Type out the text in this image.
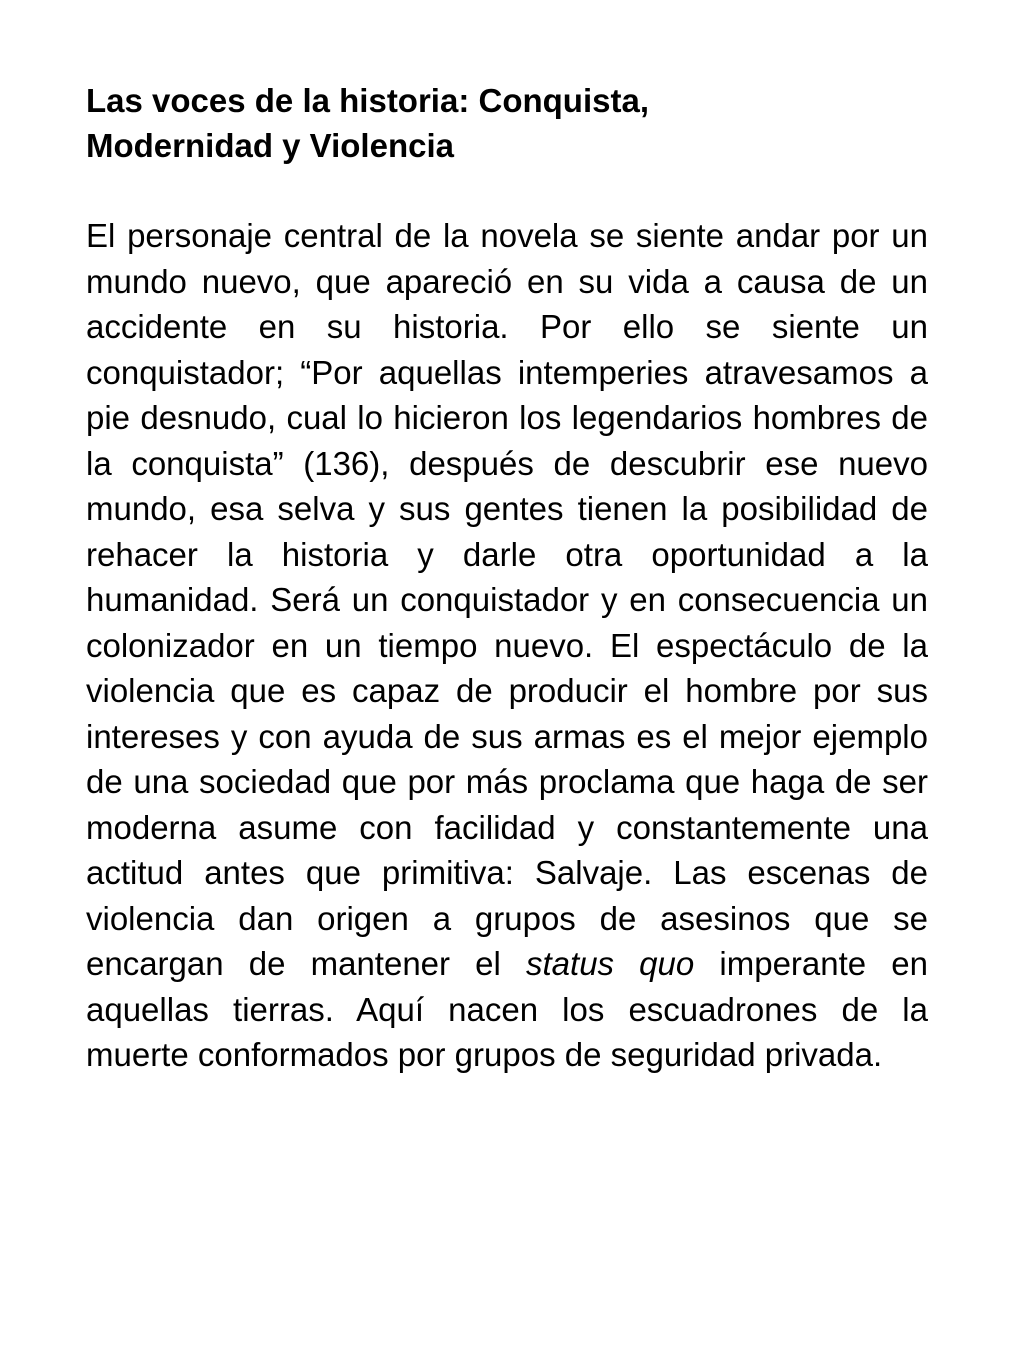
Las voces de la historia: Conquista,
Modernidad y Violencia

El personaje central de la novela se siente andar por un mundo nuevo, que apareció en su vida a causa de un accidente en su historia. Por ello se siente un conquistador; “Por aquellas intemperies atravesamos a pie desnudo, cual lo hicieron los legendarios hombres de la conquista” (136), después de descubrir ese nuevo mundo, esa selva y sus gentes tienen la posibilidad de rehacer la historia y darle otra oportunidad a la humanidad. Será un conquistador y en consecuencia un colonizador en un tiempo nuevo. El espectáculo de la violencia que es capaz de producir el hombre por sus intereses y con ayuda de sus armas es el mejor ejemplo de una sociedad que por más proclama que haga de ser moderna asume con facilidad y constantemente una actitud antes que primitiva: Salvaje. Las escenas de violencia dan origen a grupos de asesinos que se encargan de mantener el status quo imperante en aquellas tierras. Aquí nacen los escuadrones de la muerte conformados por grupos de seguridad privada.
